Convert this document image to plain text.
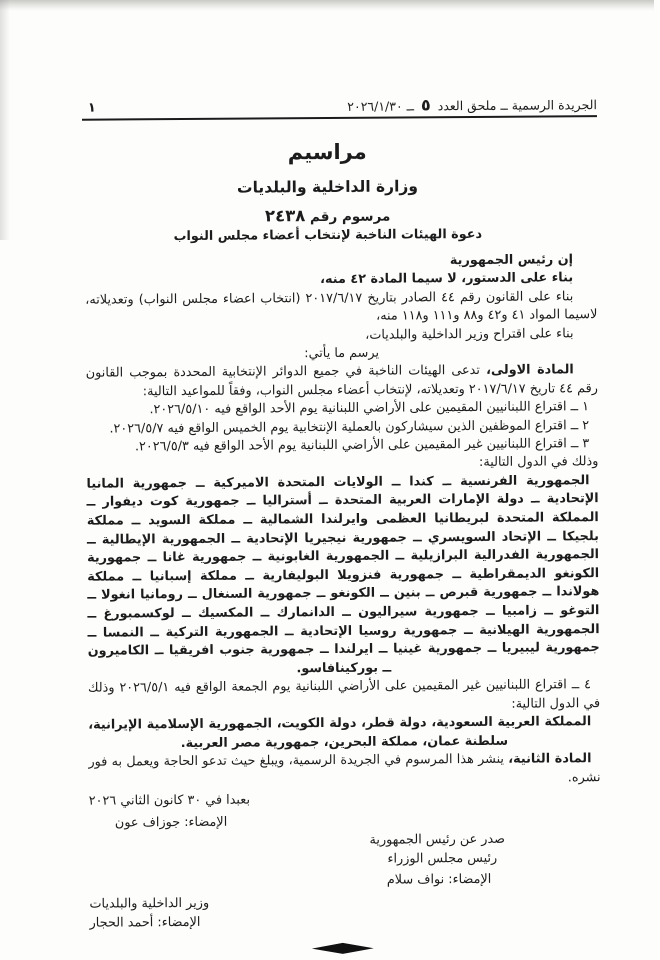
الجريدة الرسمية ــ ملحق العدد ٥ ــ ٢٠٢٦/١/٣٠
١
مراسيم
وزارة الداخلية والبلديات
مرسوم رقم ٢٤٣٨
دعوة الهيئات الناخبة لإنتخاب أعضاء مجلس النواب

إن رئيس الجمهورية

بناء على الدستور، لا سيما المادة ٤٢ منه،

بناء على القانون رقم ٤٤ الصادر بتاريخ ٢٠١٧/٦/١٧ (انتخاب اعضاء مجلس النواب) وتعديلاته، لاسيما المواد ٤١ و٤٢ و٨٨ و١١١ و١١٨ منه،

بناء على اقتراح وزير الداخلية والبلديات،

يرسم ما يأتي:

المادة الاولى، تدعى الهيئات الناخبة في جميع الدوائر الإنتخابية المحددة بموجب القانون رقم ٤٤ تاريخ ٢٠١٧/٦/١٧ وتعديلاته، لإنتخاب أعضاء مجلس النواب، وفقاً للمواعيد التالية:

١ ــ اقتراع اللبنانيين المقيمين على الأراضي اللبنانية يوم الأحد الواقع فيه ٢٠٢٦/٥/١٠.

٢ ــ اقتراع الموظفين الذين سيشاركون بالعملية الإنتخابية يوم الخميس الواقع فيه ٢٠٢٦/٥/٧.

٣ ــ اقتراع اللبنانيين غير المقيمين على الأراضي اللبنانية يوم الأحد الواقع فيه ٢٠٢٦/٥/٣.

وذلك في الدول التالية:

الجمهورية الفرنسية ــ كندا ــ الولايات المتحدة الاميركية ــ جمهورية المانيا الإتحادية ــ دولة الإمارات العربية المتحدة ــ أستراليا ــ جمهورية كوت ديفوار ــ المملكة المتحدة لبريطانيا العظمى وايرلندا الشمالية ــ مملكة السويد ــ مملكة بلجيكا ــ الإتحاد السويسري ــ جمهورية نيجيريا الإتحادية ــ الجمهورية الإيطالية ــ الجمهورية الفدرالية البرازيلية ــ الجمهورية الغابونية ــ جمهورية غانا ــ جمهورية الكونغو الديمقراطية ــ جمهورية فنزويلا البوليفارية ــ مملكة إسبانيا ــ مملكة هولاندا ــ جمهورية قبرص ــ بنين ــ الكونغو ــ جمهورية السنغال ــ رومانيا انغولا ــ التوغو ــ زامبيا ــ جمهورية سيراليون ــ الدانمارك ــ المكسيك ــ لوكسمبورغ ــ الجمهورية الهيلانية ــ جمهورية روسيا الإتحادية ــ الجمهورية التركية ــ النمسا ــ جمهورية ليبيريا ــ جمهورية غينيا ــ ايرلندا ــ جمهورية جنوب افريقيا ــ الكاميرون ــ بوركينافاسو.

٤ ــ اقتراع اللبنانيين غير المقيمين على الأراضي اللبنانية يوم الجمعة الواقع فيه ٢٠٢٦/٥/١ وذلك في الدول التالية:

المملكة العربية السعودية، دولة قطر، دولة الكويت، الجمهورية الإسلامية الإيرانية، سلطنة عمان، مملكة البحرين، جمهورية مصر العربية.

المادة الثانية، ينشر هذا المرسوم في الجريدة الرسمية، ويبلغ حيث تدعو الحاجة ويعمل به فور نشره.

بعبدا في ٣٠ كانون الثاني ٢٠٢٦
الإمضاء: جوزاف عون
صدر عن رئيس الجمهورية
رئيس مجلس الوزراء
الإمضاء: نواف سلام
وزير الداخلية والبلديات
الإمضاء: أحمد الحجار
